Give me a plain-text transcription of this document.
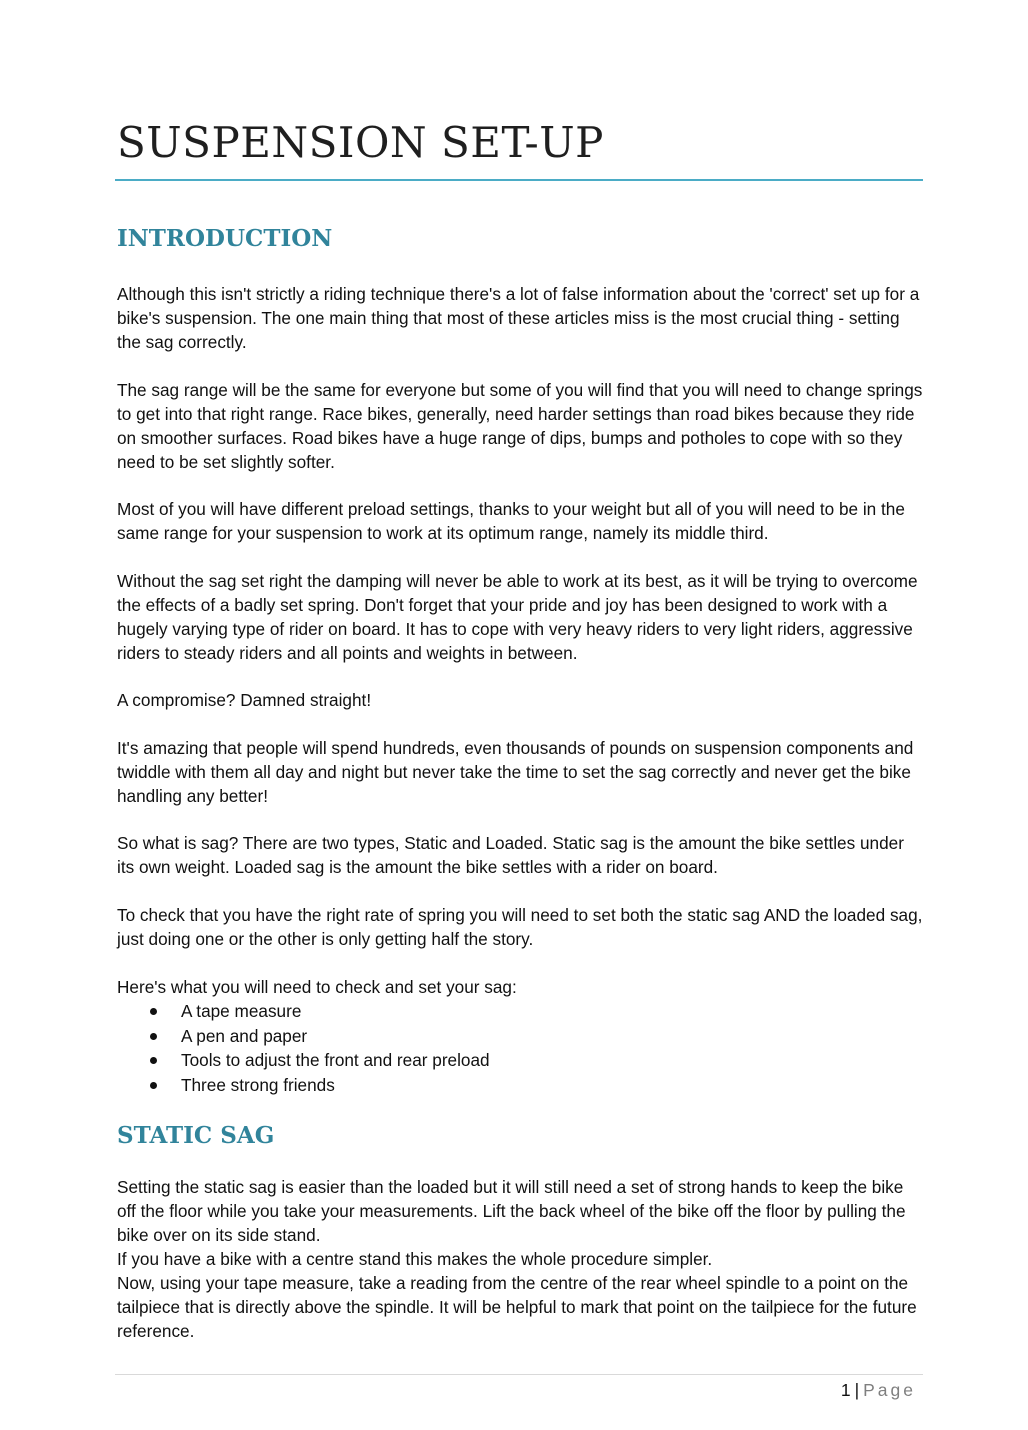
SUSPENSION SET-UP
INTRODUCTION

Although this isn't strictly a riding technique there's a lot of false information about the 'correct' set up for a bike's suspension. The one main thing that most of these articles miss is the most crucial thing - setting the sag correctly.

The sag range will be the same for everyone but some of you will find that you will need to change springs to get into that right range. Race bikes, generally, need harder settings than road bikes because they ride on smoother surfaces. Road bikes have a huge range of dips, bumps and potholes to cope with so they need to be set slightly softer.

Most of you will have different preload settings, thanks to your weight but all of you will need to be in the same range for your suspension to work at its optimum range, namely its middle third.

Without the sag set right the damping will never be able to work at its best, as it will be trying to overcome the effects of a badly set spring. Don't forget that your pride and joy has been designed to work with a hugely varying type of rider on board. It has to cope with very heavy riders to very light riders, aggressive riders to steady riders and all points and weights in between.

A compromise? Damned straight!

It's amazing that people will spend hundreds, even thousands of pounds on suspension components and twiddle with them all day and night but never take the time to set the sag correctly and never get the bike handling any better!

So what is sag? There are two types, Static and Loaded. Static sag is the amount the bike settles under its own weight. Loaded sag is the amount the bike settles with a rider on board.

To check that you have the right rate of spring you will need to set both the static sag AND the loaded sag, just doing one or the other is only getting half the story.

Here's what you will need to check and set your sag:

A tape measure
A pen and paper
Tools to adjust the front and rear preload
Three strong friends
STATIC SAG

Setting the static sag is easier than the loaded but it will still need a set of strong hands to keep the bike off the floor while you take your measurements. Lift the back wheel of the bike off the floor by pulling the bike over on its side stand.

If you have a bike with a centre stand this makes the whole procedure simpler.

Now, using your tape measure, take a reading from the centre of the rear wheel spindle to a point on the tailpiece that is directly above the spindle. It will be helpful to mark that point on the tailpiece for the future reference.

1 | Page
